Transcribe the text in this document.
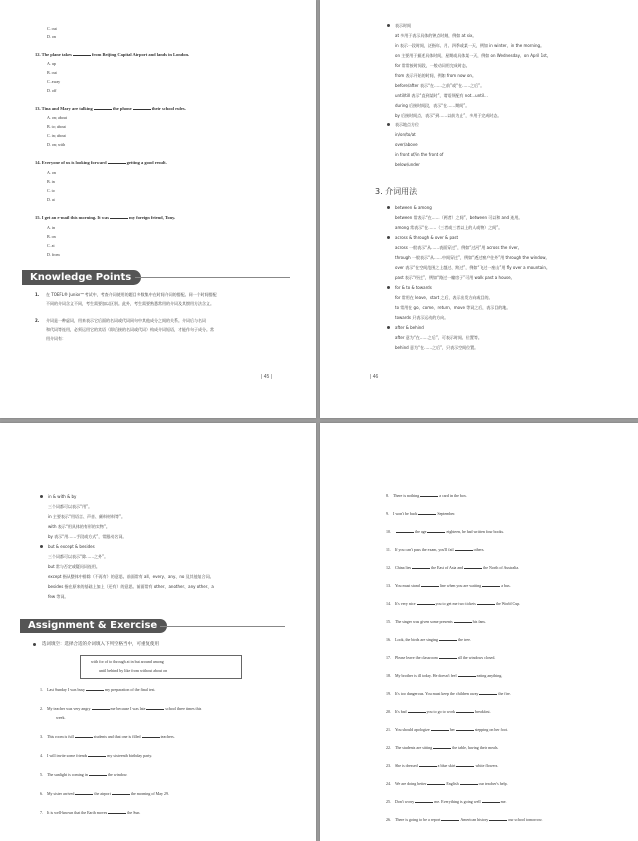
C. out
D. on
12. The plane takes	from Beijing Capital Airport and lands in London.
A. up
B. out
C. away
D. off
13. Tina and Mary are talking	the phone	their school rules.
A. on; about
B. to; about
C. in; about
D. on; with
14. Everyone of us is looking forward	getting a good result.
A. on
B. in
C. to
D. at
15. I get an e-mail this morning. It was	my foreign friend, Tony.
A. in
B. on
C. at
D. from
Knowledge Points
1. 在 TOEFL® Junior™考试中，考查介词使用的题目多数集中在时间介词的搭配。同一个时间搭配
不同的介词含义不同，考生需要加以区别。此外，考生需要熟悉常用的介词及其惯用方法含义。
2. 介词是一种虚词，用来表示它后面的名词或代词同句中其他成分之间的关系。介词后与名词
和代词等连用，必须运用它的宾语（即后接的名词或代词）构成介词短语，才能作句子成分。常
用介词有：
| 45 |
表示时间
at 多用于表示具体的钟点时刻，例如 at six。
in 表示一段时间，泛指年、月、四季或某一天，例如 in winter、in the morning。
on 主要用于描述具体时间，星期或具体某一天，例如 on Wednesday、on April 1st。
for 常常接时间段，一般动词用完成时态。
from 表示开始的时间，例如 from now on。
before/after 表示“在……之前”或“在……之后”。
until/till 表示“直到某时”，谓语须配有 not...until...
during 后接时间段，表示“在……期间”。
by 后接时间点，表示“到……以前为止”，多用于完成时态。
表示地点方位
in/on/to/at
over/above
in front of/in the front of
below/under
3. 介词用法
between & among
between 常表示“在……（两者）之间”，between 可以和 and 连用。
among 常表示“在……（三者或三者以上的人或物）之间”。
across & through & over & past
across 一般表示“从……表面穿过”，例如“过河”用 across the river。
through 一般表示“从……中间穿过”，例如“透过窗户往外”用 through the window。
over 表示“在空间范围之上越过、跨过”，例如“飞过一座山”用 fly over a mountain。
past 表示“经过”，例如“路过一幢房子”可用 walk past a house。
for & to & towards
for 常用在 leave、start 之后，表示出发方向或目的。
to 常用在 go、come、return、move 等词之后，表示目的地。
towards 只表示运动的方向。
after & behind
after 意为“在……之后”，可表示时间、位置等。
behind 意为“在……之后”，只表示空间位置。
| 46
in & with & by
三个词都可以表示“用”。
in 主要表示“用语言、声音、颜料材料等”。
with 表示“用具体的有形的实物”。
by 表示“用……手段或方式”，常跟动名词。
but & except & besides
三个词都可以表示“除……之外”。
but 常与否定或疑问词连用。
except 指从整体中排除（不再有）的意思。前面常有 all、every、any、no 及其他复合词。
besides 指在原来的基础上加上（还有）的意思。前面常有 other、another、any other、a
few 等词。
Assignment & Exercise
选词填空：选择合适的介词填入下列空格当中，可重复使用
with for of to through at in but around among
until behind by like from without about on
1. Last Sunday I was busy	my preparation of the final test.
2. My teacher was very angry	me because I was late	school three times this
week.
3. This room is full	students and that one is filled	teachers.
4. I will invite some friends	my sixteenth birthday party.
5. The sunlight is coming in	the window.
6. My sister arrived	the airport	the morning of May 29.
7. It is well-known that the Earth moves	the Sun.
8. There is nothing	a card in the box.
9. I won't be back	September.
10.	the age	eighteen, he had written four books.
11. If you can't pass the exam, you'll fail	others.
12. China lies	the East of Asia and	the North of Australia.
13. You must stand	line when you are waiting	a bus.
14. It's very nice	you to get me two tickets	the World Cup.
15. The singer was given some presents	his fans.
16. Look, the birds are singing	the tree.
17. Please leave the classroom	all the windows closed.
18. My brother is ill today. He doesn't feel	eating anything.
19. It's too dangerous. You must keep the children away	the fire.
20. It's bad	you to go to work	breakfast.
21. You should apologize	her	stepping on her foot.
22. The students are sitting	the table, having their meals.
23. She is dressed	a blue skirt	white flowers.
24. We are doing better	English	our teacher's help.
25. Don't worry	me. Everything is going well	me.
26. There is going to be a report	American history	our school tomorrow.
